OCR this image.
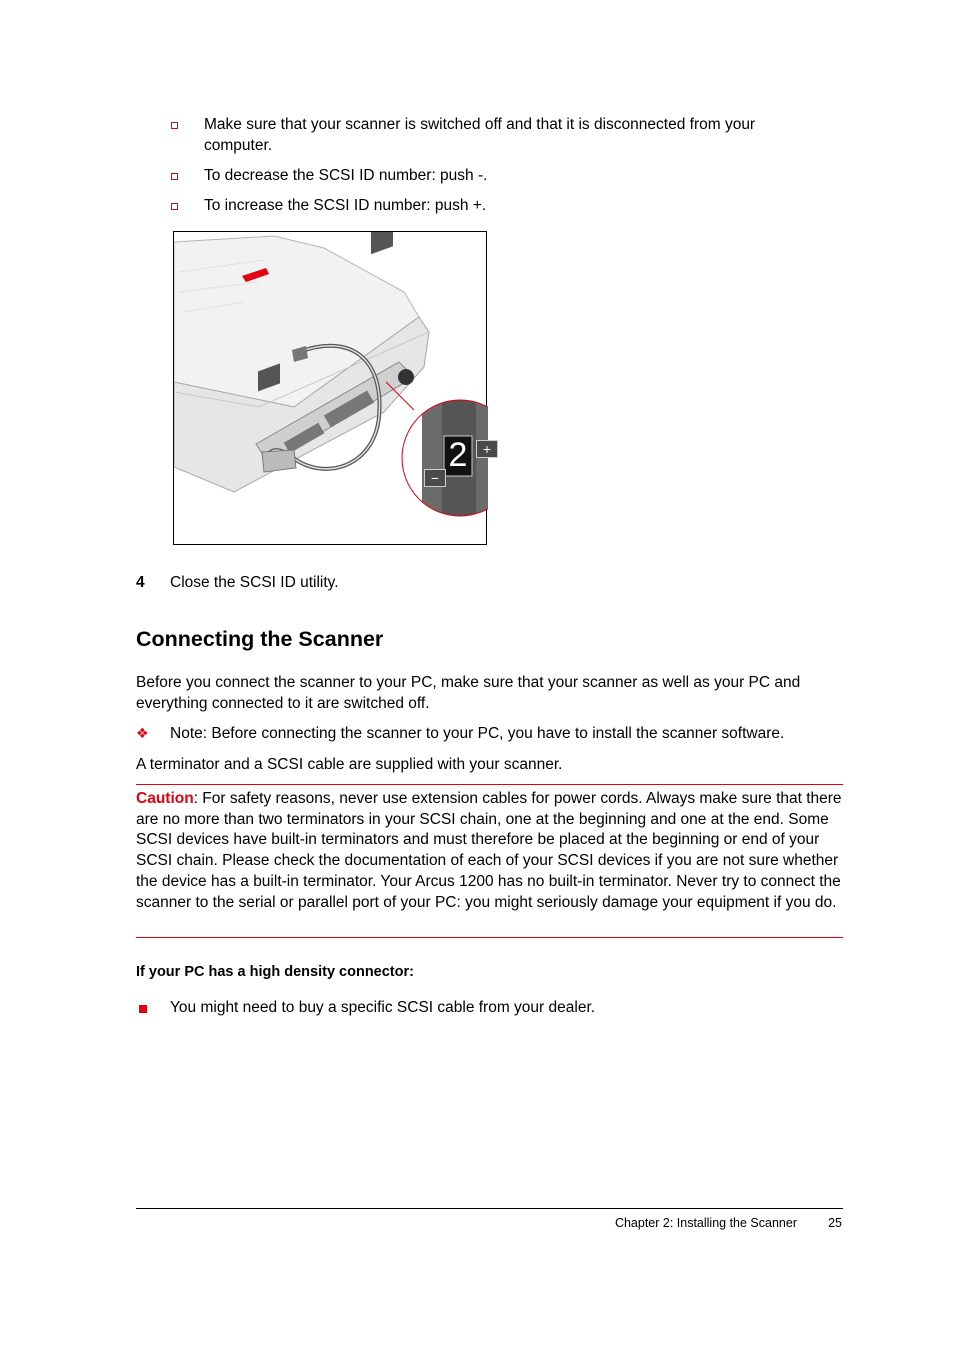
Make sure that your scanner is switched off and that it is disconnected from your computer.
To decrease the SCSI ID number: push -.
To increase the SCSI ID number: push +.
2
−
+
4 Close the SCSI ID utility.
Connecting the Scanner
Before you connect the scanner to your PC, make sure that your scanner as well as your PC and everything connected to it are switched off.
❖ Note: Before connecting the scanner to your PC, you have to install the scanner software.
A terminator and a SCSI cable are supplied with your scanner.
Caution: For safety reasons, never use extension cables for power cords. Always make sure that there are no more than two terminators in your SCSI chain, one at the beginning and one at the end. Some SCSI devices have built-in terminators and must therefore be placed at the beginning or end of your SCSI chain. Please check the documentation of each of your SCSI devices if you are not sure whether the device has a built-in terminator. Your Arcus 1200 has no built-in terminator. Never try to connect the scanner to the serial or parallel port of your PC: you might seriously damage your equipment if you do.
If your PC has a high density connector:
You might need to buy a specific SCSI cable from your dealer.
Chapter 2: Installing the Scanner	25
